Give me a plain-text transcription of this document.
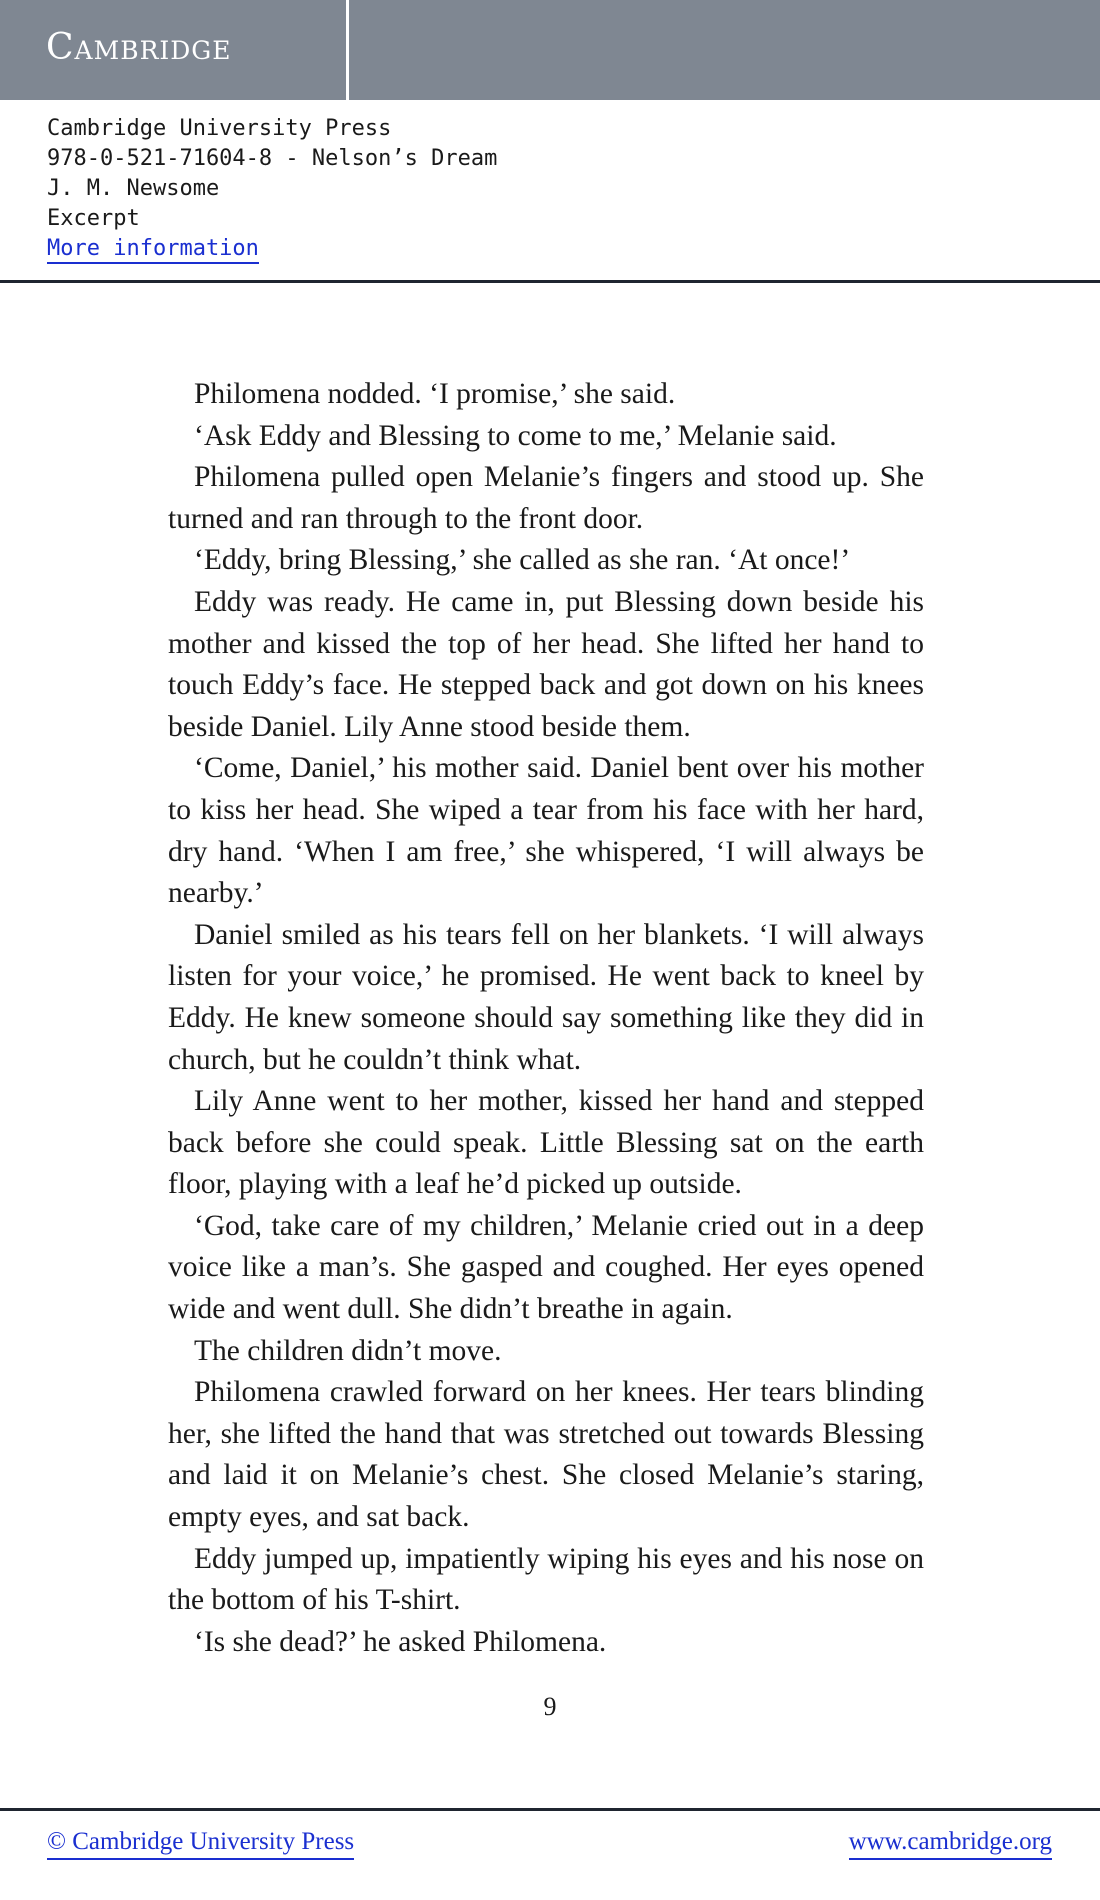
Cambridge
Cambridge University Press
978-0-521-71604-8 - Nelson’s Dream
J. M. Newsome
Excerpt
More information

Philomena nodded. ‘I promise,’ she said.

‘Ask Eddy and Blessing to come to me,’ Melanie said.

Philomena pulled open Melanie’s fingers and stood up. She turned and ran through to the front door.

‘Eddy, bring Blessing,’ she called as she ran. ‘At once!’

Eddy was ready. He came in, put Blessing down beside his mother and kissed the top of her head. She lifted her hand to touch Eddy’s face. He stepped back and got down on his knees beside Daniel. Lily Anne stood beside them.

‘Come, Daniel,’ his mother said. Daniel bent over his mother to kiss her head. She wiped a tear from his face with her hard, dry hand. ‘When I am free,’ she whispered, ‘I will always be nearby.’

Daniel smiled as his tears fell on her blankets. ‘I will always listen for your voice,’ he promised. He went back to kneel by Eddy. He knew someone should say something like they did in church, but he couldn’t think what.

Lily Anne went to her mother, kissed her hand and stepped back before she could speak. Little Blessing sat on the earth floor, playing with a leaf he’d picked up outside.

‘God, take care of my children,’ Melanie cried out in a deep voice like a man’s. She gasped and coughed. Her eyes opened wide and went dull. She didn’t breathe in again.

The children didn’t move.

Philomena crawled forward on her knees. Her tears blinding her, she lifted the hand that was stretched out towards Blessing and laid it on Melanie’s chest. She closed Melanie’s staring, empty eyes, and sat back.

Eddy jumped up, impatiently wiping his eyes and his nose on the bottom of his T-shirt.

‘Is she dead?’ he asked Philomena.

9
© Cambridge University Press	www.cambridge.org
